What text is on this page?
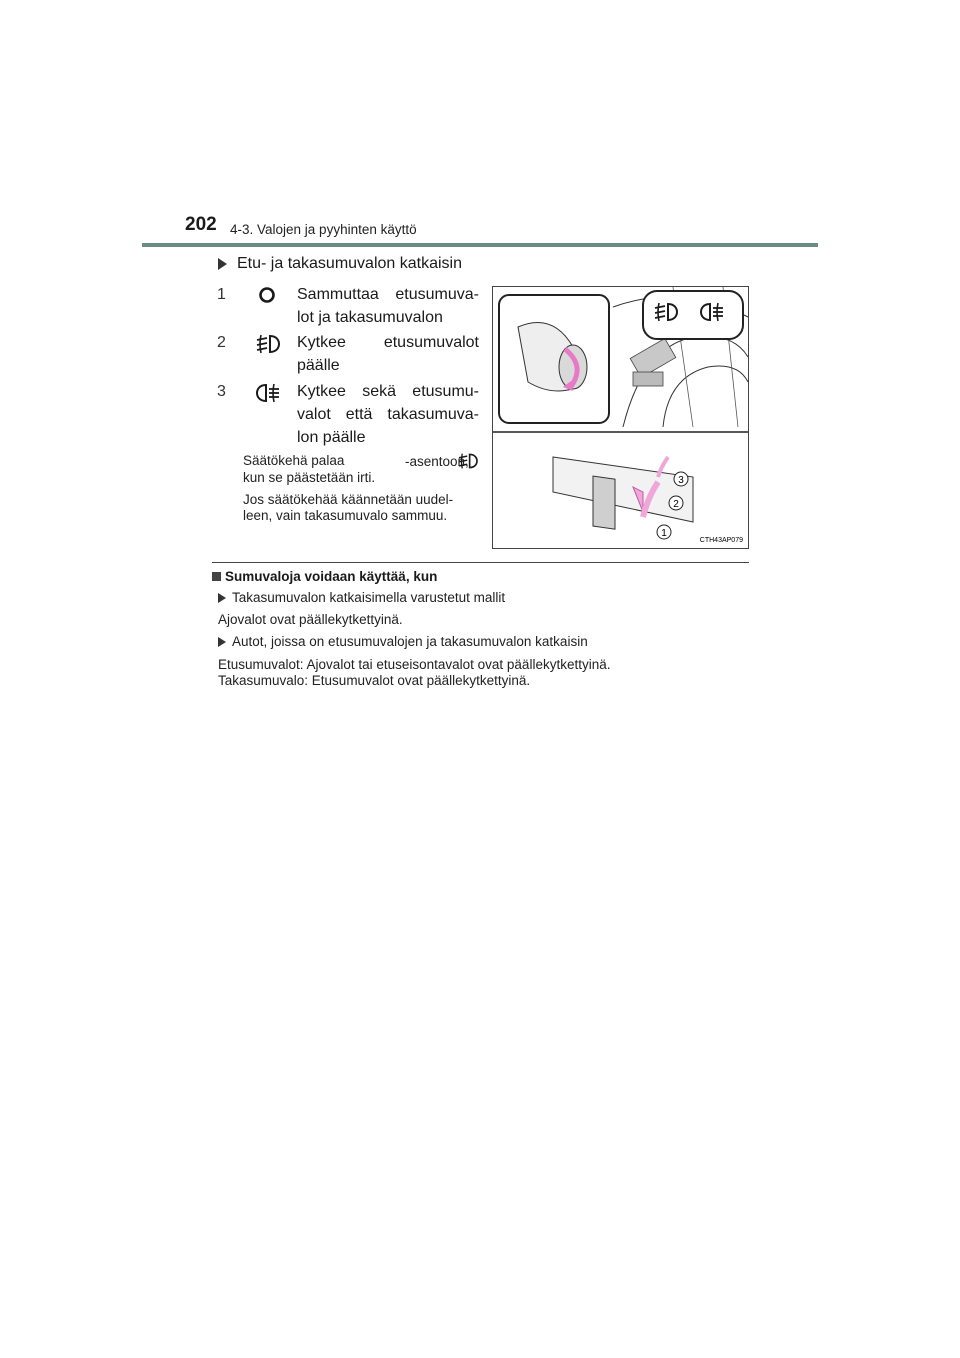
202 4-3. Valojen ja pyyhinten käyttö
Etu- ja takasumuvalon katkaisin
1	Sammuttaa etusumuva-lot ja takasumuvalon
2	Kytkee etusumuvalot päälle
3	Kytkee sekä etusumu-valot että takasumuva-lon päälle
Säätökehä palaa	-asentoon, kun se päästetään irti.
Jos säätökehää käännetään uudel-leen, vain takasumuvalo sammuu.
3
2
1
CTH43AP079
Sumuvaloja voidaan käyttää, kun
Takasumuvalon katkaisimella varustetut mallit
Ajovalot ovat päällekytkettyinä.
Autot, joissa on etusumuvalojen ja takasumuvalon katkaisin
Etusumuvalot: Ajovalot tai etuseisontavalot ovat päällekytkettyinä.
Takasumuvalo: Etusumuvalot ovat päällekytkettyinä.
